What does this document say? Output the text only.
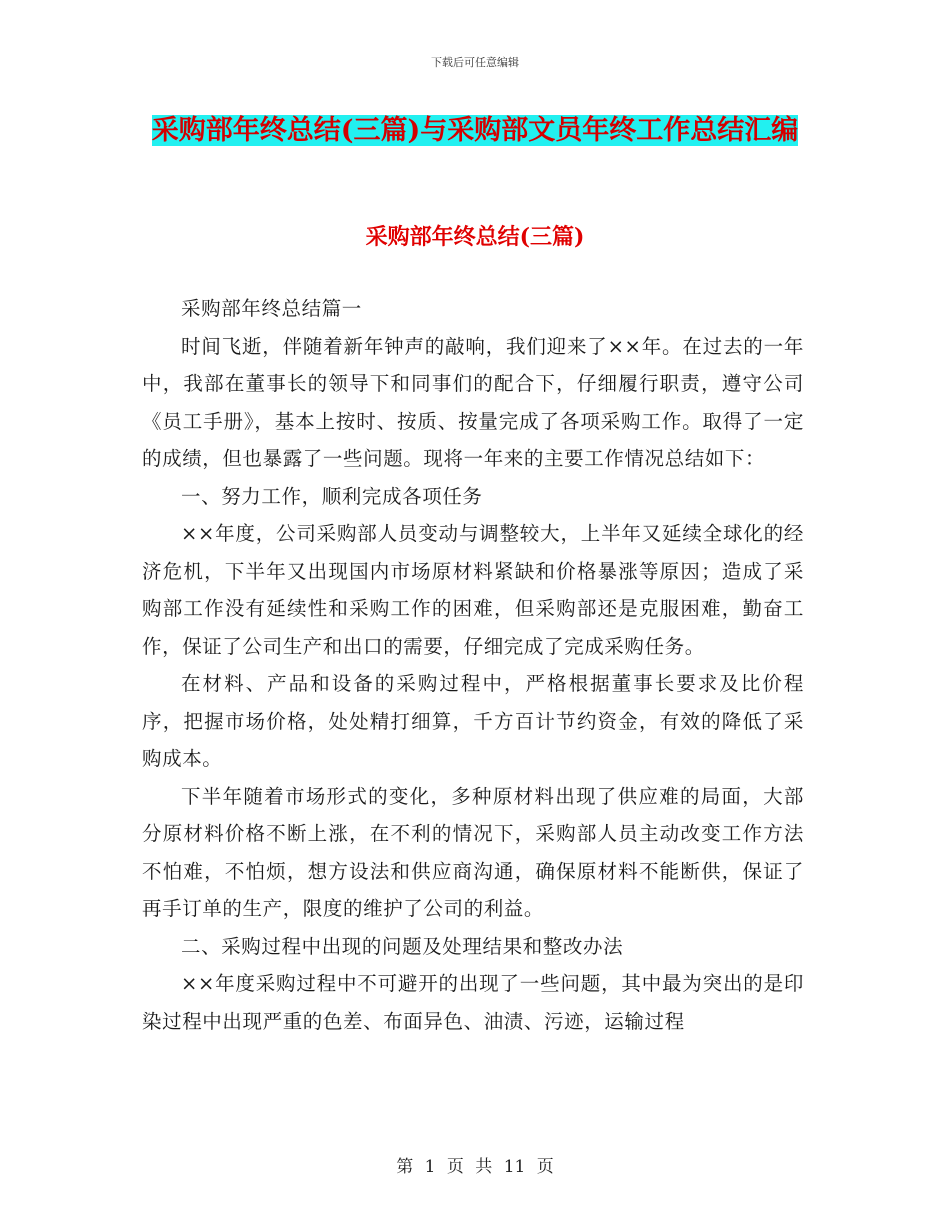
下载后可任意编辑
采购部年终总结(三篇)与采购部文员年终工作总结汇编
采购部年终总结(三篇)

采购部年终总结篇一

时间飞逝，伴随着新年钟声的敲响，我们迎来了××年。在过去的一年中，我部在董事长的领导下和同事们的配合下，仔细履行职责，遵守公司《员工手册》，基本上按时、按质、按量完成了各项采购工作。取得了一定的成绩，但也暴露了一些问题。现将一年来的主要工作情况总结如下：

一、努力工作，顺利完成各项任务

××年度，公司采购部人员变动与调整较大，上半年又延续全球化的经济危机，下半年又出现国内市场原材料紧缺和价格暴涨等原因；造成了采购部工作没有延续性和采购工作的困难，但采购部还是克服困难，勤奋工作，保证了公司生产和出口的需要，仔细完成了完成采购任务。

在材料、产品和设备的采购过程中，严格根据董事长要求及比价程序，把握市场价格，处处精打细算，千方百计节约资金，有效的降低了采购成本。

下半年随着市场形式的变化，多种原材料出现了供应难的局面，大部分原材料价格不断上涨，在不利的情况下，采购部人员主动改变工作方法不怕难，不怕烦，想方设法和供应商沟通，确保原材料不能断供，保证了再手订单的生产，限度的维护了公司的利益。

二、采购过程中出现的问题及处理结果和整改办法

××年度采购过程中不可避开的出现了一些问题，其中最为突出的是印染过程中出现严重的色差、布面异色、油渍、污迹，运输过程

第 1 页 共 11 页
